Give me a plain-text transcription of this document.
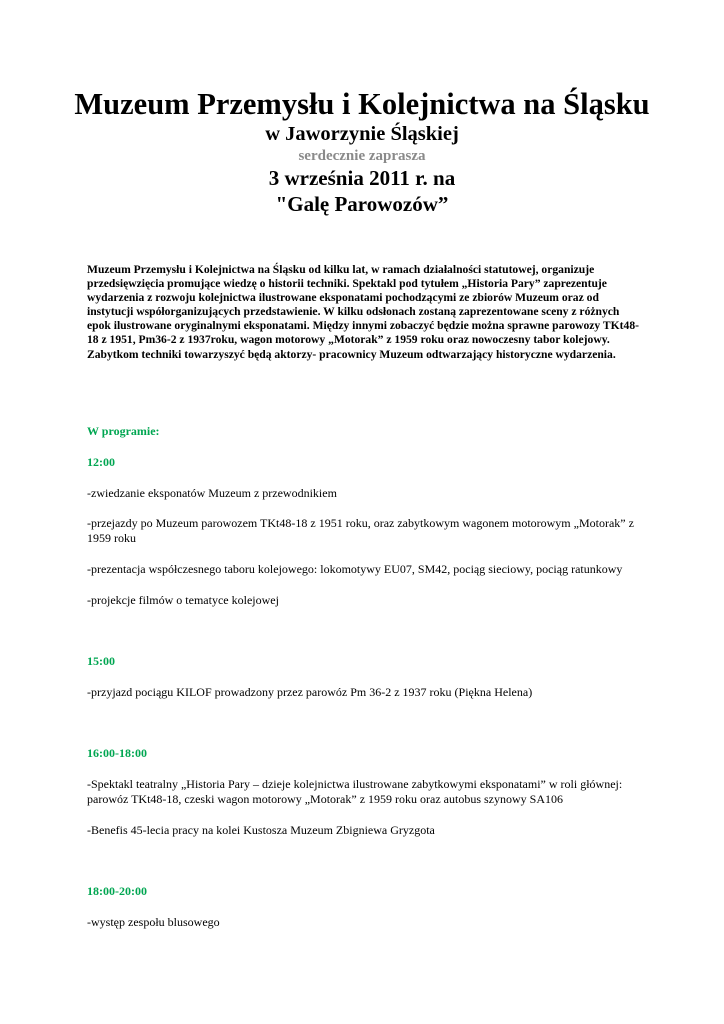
Muzeum Przemysłu i Kolejnictwa na Śląsku

w Jaworzynie Śląskiej

serdecznie zaprasza

3 września 2011 r. na

"Galę Parowozów”

Muzeum Przemysłu i Kolejnictwa na Śląsku od kilku lat, w ramach działalności statutowej, organizuje przedsięwzięcia promujące wiedzę o historii techniki. Spektakl pod tytułem „Historia Pary” zaprezentuje wydarzenia z rozwoju kolejnictwa ilustrowane eksponatami pochodzącymi ze zbiorów Muzeum oraz od instytucji współorganizujących przedstawienie. W kilku odsłonach zostaną zaprezentowane sceny z różnych epok ilustrowane oryginalnymi eksponatami. Między innymi zobaczyć będzie można sprawne parowozy TKt48-18 z 1951, Pm36-2 z 1937roku, wagon motorowy „Motorak” z 1959 roku oraz nowoczesny tabor kolejowy. Zabytkom techniki towarzyszyć będą aktorzy- pracownicy Muzeum odtwarzający historyczne wydarzenia.

W programie:

12:00

-zwiedzanie eksponatów Muzeum z przewodnikiem

-przejazdy po Muzeum parowozem TKt48-18 z 1951 roku, oraz zabytkowym wagonem motorowym „Motorak” z 1959 roku

-prezentacja współczesnego taboru kolejowego: lokomotywy EU07, SM42, pociąg sieciowy, pociąg ratunkowy

-projekcje filmów o tematyce kolejowej

15:00

-przyjazd pociągu KILOF prowadzony przez parowóz Pm 36-2 z 1937 roku (Piękna Helena)

16:00-18:00

-Spektakl teatralny „Historia Pary – dzieje kolejnictwa ilustrowane zabytkowymi eksponatami” w roli głównej: parowóz TKt48-18, czeski wagon motorowy „Motorak” z 1959 roku oraz autobus szynowy SA106

-Benefis 45-lecia pracy na kolei Kustosza Muzeum Zbigniewa Gryzgota

18:00-20:00

-występ zespołu blusowego
